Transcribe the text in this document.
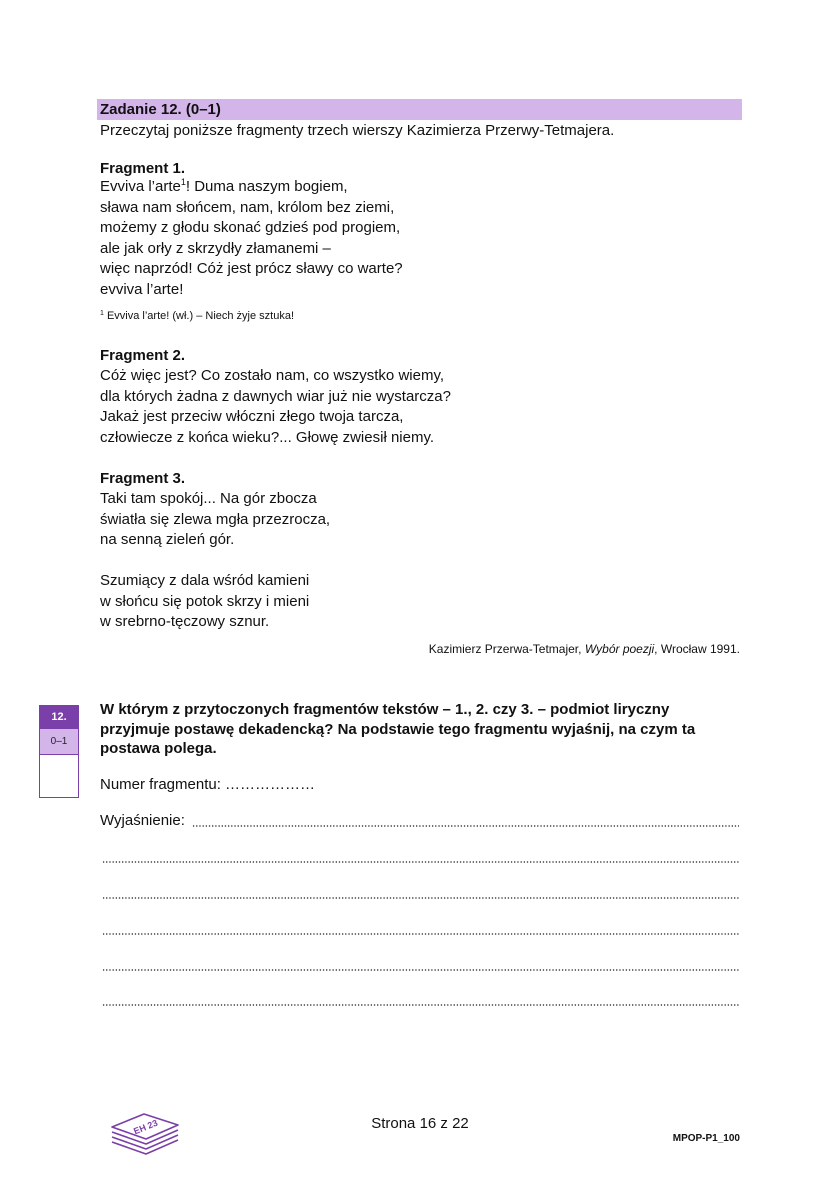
Zadanie 12. (0–1)
Przeczytaj poniższe fragmenty trzech wierszy Kazimierza Przerwy-Tetmajera.
Fragment 1.
Evviva l’arte$^1$! Duma naszym bogiem,
sława nam słońcem, nam, królom bez ziemi,
możemy z głodu skonać gdzieś pod progiem,
ale jak orły z skrzydły złamanemi –
więc naprzód! Cóż jest prócz sławy co warte?
evviva l’arte!
$^1$ Evviva l’arte! (wł.) – Niech żyje sztuka!
Fragment 2.
Cóż więc jest? Co zostało nam, co wszystko wiemy,
dla których żadna z dawnych wiar już nie wystarcza?
Jakaż jest przeciw włóczni złego twoja tarcza,
człowiecze z końca wieku?... Głowę zwiesił niemy.
Fragment 3.
Taki tam spokój... Na gór zbocza
światła się zlewa mgła przezrocza,
na senną zieleń gór.
Szumiący z dala wśród kamieni
w słońcu się potok skrzy i mieni
w srebrno-tęczowy sznur.
Kazimierz Przerwa-Tetmajer, Wybór poezji, Wrocław 1991.
12.
0–1
W którym z przytoczonych fragmentów tekstów – 1., 2. czy 3. – podmiot liryczny przyjmuje postawę dekadencką? Na podstawie tego fragmentu wyjaśnij, na czym ta postawa polega.
Numer fragmentu: ………………
Wyjaśnienie:
EH 23	Strona 16 z 22
MPOP-P1_100
